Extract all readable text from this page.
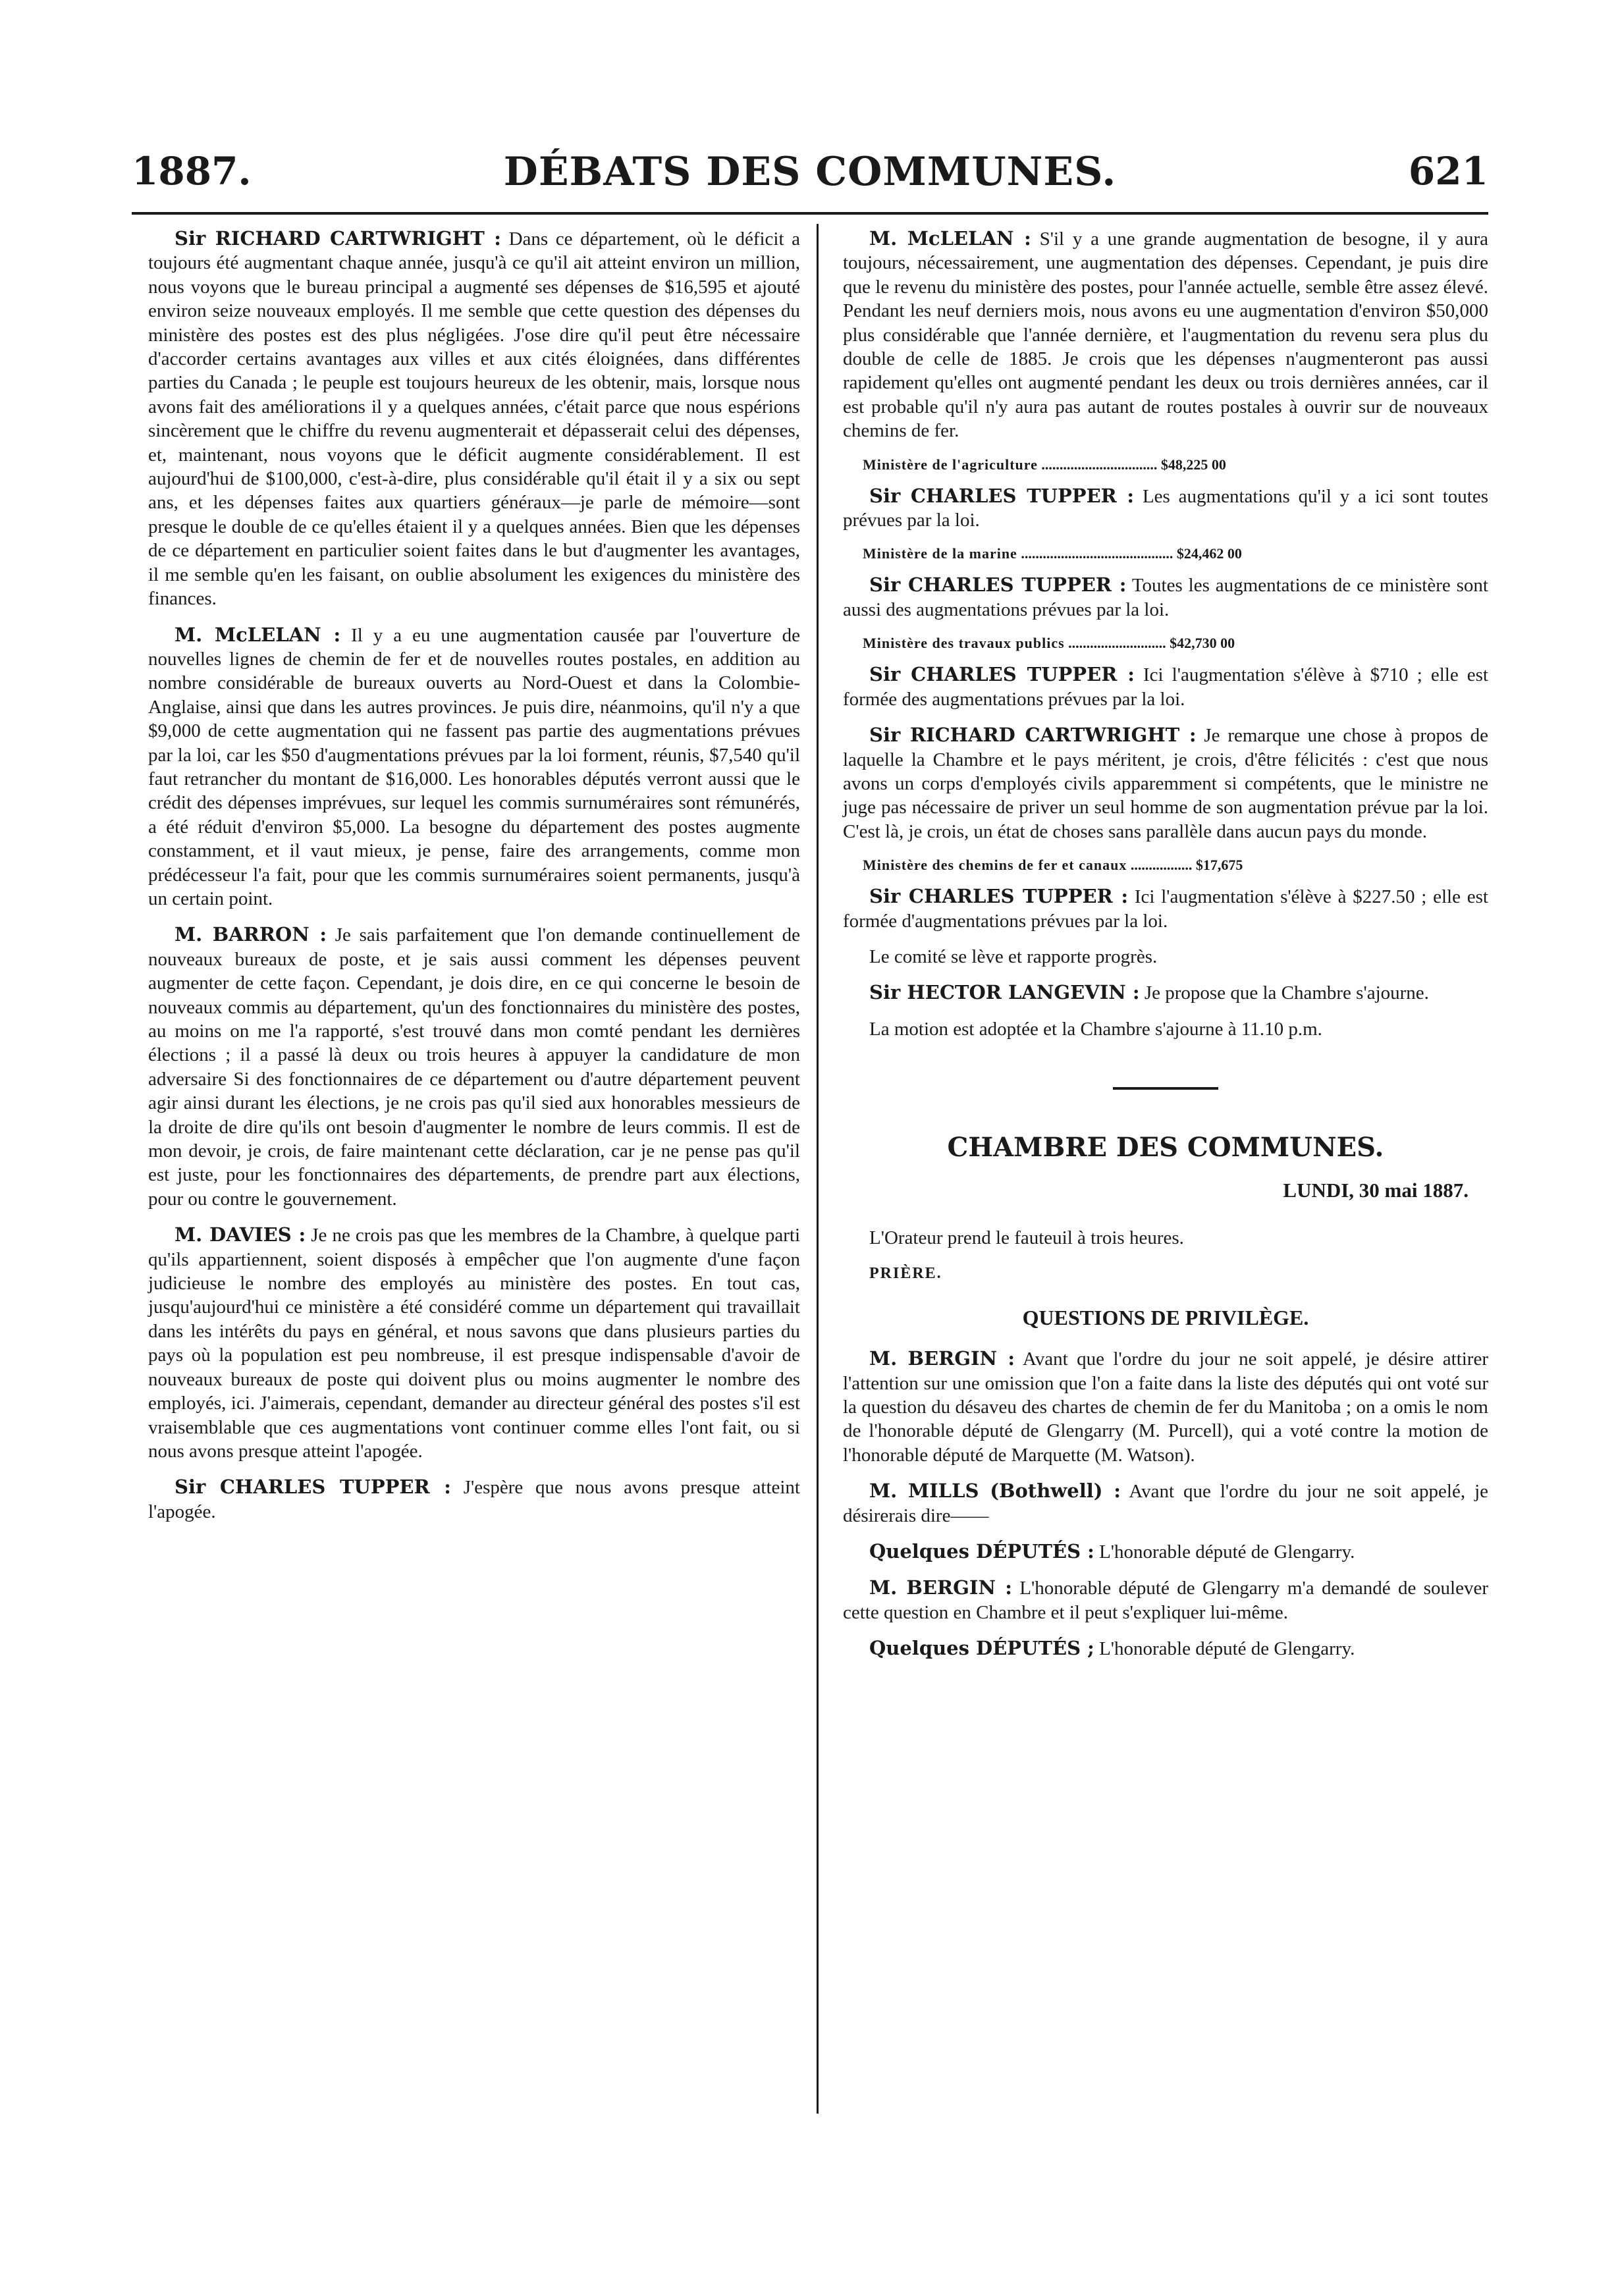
1887.	DÉBATS DES COMMUNES.	621

Sir RICHARD CARTWRIGHT : Dans ce département, où le déficit a toujours été augmentant chaque année, jusqu'à ce qu'il ait atteint environ un million, nous voyons que le bureau principal a augmenté ses dépenses de $16,595 et ajouté environ seize nouveaux employés. Il me semble que cette question des dépenses du ministère des postes est des plus négligées. J'ose dire qu'il peut être nécessaire d'accorder certains avantages aux villes et aux cités éloignées, dans différentes parties du Canada ; le peuple est toujours heureux de les obtenir, mais, lorsque nous avons fait des améliorations il y a quelques années, c'était parce que nous espérions sincèrement que le chiffre du revenu augmenterait et dépasserait celui des dépenses, et, maintenant, nous voyons que le déficit augmente considérablement. Il est aujourd'hui de $100,000, c'est-à-dire, plus considérable qu'il était il y a six ou sept ans, et les dépenses faites aux quartiers généraux—je parle de mémoire—sont presque le double de ce qu'elles étaient il y a quelques années. Bien que les dépenses de ce département en particulier soient faites dans le but d'augmenter les avantages, il me semble qu'en les faisant, on oublie absolument les exigences du ministère des finances.

M. McLELAN : Il y a eu une augmentation causée par l'ouverture de nouvelles lignes de chemin de fer et de nouvelles routes postales, en addition au nombre considérable de bureaux ouverts au Nord-Ouest et dans la Colombie-Anglaise, ainsi que dans les autres provinces. Je puis dire, néanmoins, qu'il n'y a que $9,000 de cette augmentation qui ne fassent pas partie des augmentations prévues par la loi, car les $50 d'augmentations prévues par la loi forment, réunis, $7,540 qu'il faut retrancher du montant de $16,000. Les honorables députés verront aussi que le crédit des dépenses imprévues, sur lequel les commis surnuméraires sont rémunérés, a été réduit d'environ $5,000. La besogne du département des postes augmente constamment, et il vaut mieux, je pense, faire des arrangements, comme mon prédécesseur l'a fait, pour que les commis surnuméraires soient permanents, jusqu'à un certain point.

M. BARRON : Je sais parfaitement que l'on demande continuellement de nouveaux bureaux de poste, et je sais aussi comment les dépenses peuvent augmenter de cette façon. Cependant, je dois dire, en ce qui concerne le besoin de nouveaux commis au département, qu'un des fonctionnaires du ministère des postes, au moins on me l'a rapporté, s'est trouvé dans mon comté pendant les dernières élections ; il a passé là deux ou trois heures à appuyer la candidature de mon adversaire Si des fonctionnaires de ce département ou d'autre département peuvent agir ainsi durant les élections, je ne crois pas qu'il sied aux honorables messieurs de la droite de dire qu'ils ont besoin d'augmenter le nombre de leurs commis. Il est de mon devoir, je crois, de faire maintenant cette déclaration, car je ne pense pas qu'il est juste, pour les fonctionnaires des départements, de prendre part aux élections, pour ou contre le gouvernement.

M. DAVIES : Je ne crois pas que les membres de la Chambre, à quelque parti qu'ils appartiennent, soient disposés à empêcher que l'on augmente d'une façon judicieuse le nombre des employés au ministère des postes. En tout cas, jusqu'aujourd'hui ce ministère a été considéré comme un département qui travaillait dans les intérêts du pays en général, et nous savons que dans plusieurs parties du pays où la population est peu nombreuse, il est presque indispensable d'avoir de nouveaux bureaux de poste qui doivent plus ou moins augmenter le nombre des employés, ici. J'aimerais, cependant, demander au directeur général des postes s'il est vraisemblable que ces augmentations vont continuer comme elles l'ont fait, ou si nous avons presque atteint l'apogée.

Sir CHARLES TUPPER : J'espère que nous avons presque atteint l'apogée.

M. McLELAN : S'il y a une grande augmentation de besogne, il y aura toujours, nécessairement, une augmentation des dépenses. Cependant, je puis dire que le revenu du ministère des postes, pour l'année actuelle, semble être assez élevé. Pendant les neuf derniers mois, nous avons eu une augmentation d'environ $50,000 plus considérable que l'année dernière, et l'augmentation du revenu sera plus du double de celle de 1885. Je crois que les dépenses n'augmenteront pas aussi rapidement qu'elles ont augmenté pendant les deux ou trois dernières années, car il est probable qu'il n'y aura pas autant de routes postales à ouvrir sur de nouveaux chemins de fer.

Ministère de l'agriculture ................................ $48,225 00

Sir CHARLES TUPPER : Les augmentations qu'il y a ici sont toutes prévues par la loi.

Ministère de la marine .......................................... $24,462 00

Sir CHARLES TUPPER : Toutes les augmentations de ce ministère sont aussi des augmentations prévues par la loi.

Ministère des travaux publics ........................... $42,730 00

Sir CHARLES TUPPER : Ici l'augmentation s'élève à $710 ; elle est formée des augmentations prévues par la loi.

Sir RICHARD CARTWRIGHT : Je remarque une chose à propos de laquelle la Chambre et le pays méritent, je crois, d'être félicités : c'est que nous avons un corps d'employés civils apparemment si compétents, que le ministre ne juge pas nécessaire de priver un seul homme de son augmentation prévue par la loi. C'est là, je crois, un état de choses sans parallèle dans aucun pays du monde.

Ministère des chemins de fer et canaux ................. $17,675

Sir CHARLES TUPPER : Ici l'augmentation s'élève à $227.50 ; elle est formée d'augmentations prévues par la loi.

Le comité se lève et rapporte progrès.

Sir HECTOR LANGEVIN : Je propose que la Chambre s'ajourne.

La motion est adoptée et la Chambre s'ajourne à 11.10 p.m.

CHAMBRE DES COMMUNES.
LUNDI, 30 mai 1887.

L'Orateur prend le fauteuil à trois heures.

PRIÈRE.
QUESTIONS DE PRIVILÈGE.

M. BERGIN : Avant que l'ordre du jour ne soit appelé, je désire attirer l'attention sur une omission que l'on a faite dans la liste des députés qui ont voté sur la question du désaveu des chartes de chemin de fer du Manitoba ; on a omis le nom de l'honorable député de Glengarry (M. Purcell), qui a voté contre la motion de l'honorable député de Marquette (M. Watson).

M. MILLS (Bothwell) : Avant que l'ordre du jour ne soit appelé, je désirerais dire——

Quelques DÉPUTÉS : L'honorable député de Glengarry.

M. BERGIN : L'honorable député de Glengarry m'a demandé de soulever cette question en Chambre et il peut s'expliquer lui-même.

Quelques DÉPUTÉS ; L'honorable député de Glengarry.
